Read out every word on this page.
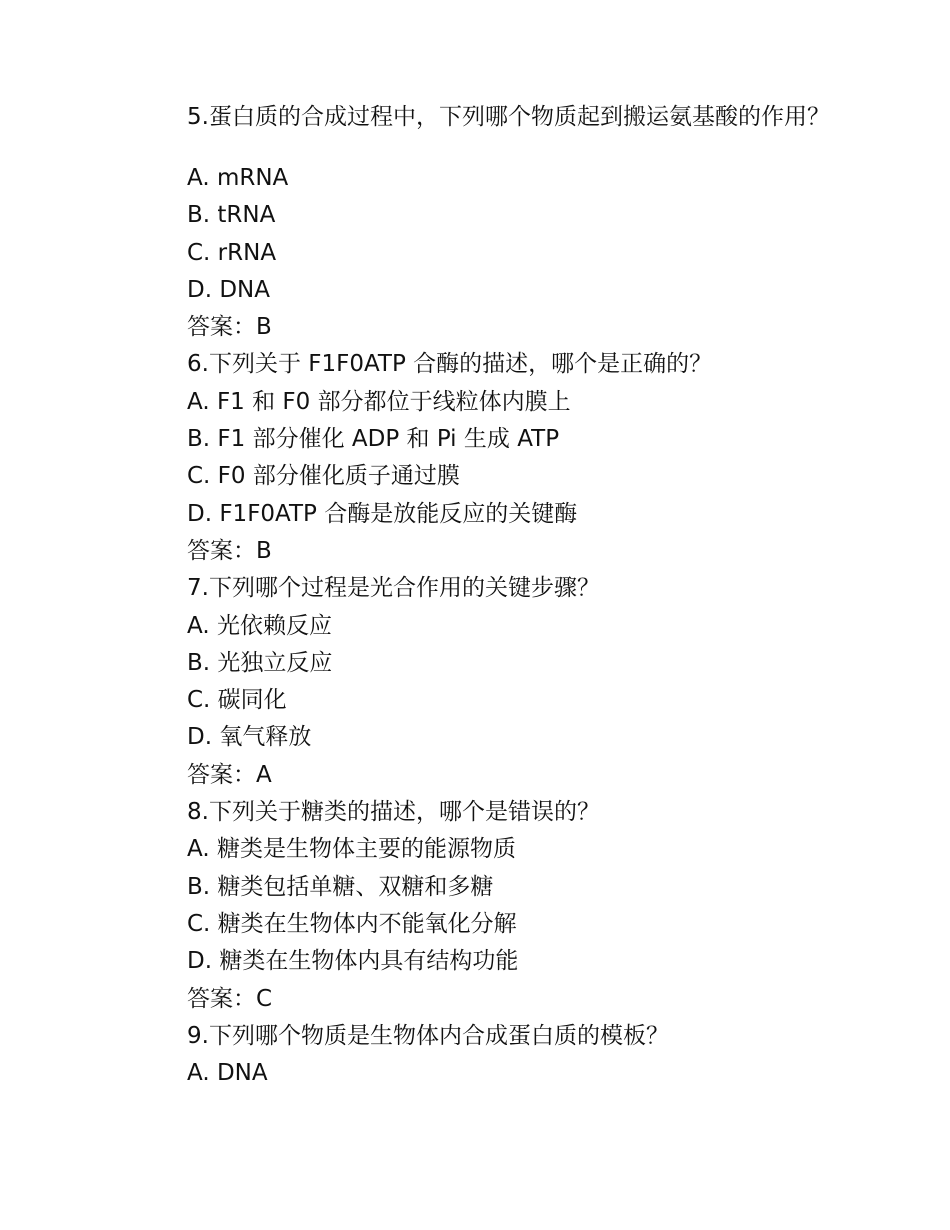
5.蛋白质的合成过程中，下列哪个物质起到搬运氨基酸的作用？
A. mRNA
B. tRNA
C. rRNA
D. DNA
答案：B
6.下列关于 F1F0ATP 合酶的描述，哪个是正确的？
A. F1 和 F0 部分都位于线粒体内膜上
B. F1 部分催化 ADP 和 Pi 生成 ATP
C. F0 部分催化质子通过膜
D. F1F0ATP 合酶是放能反应的关键酶
答案：B
7.下列哪个过程是光合作用的关键步骤？
A. 光依赖反应
B. 光独立反应
C. 碳同化
D. 氧气释放
答案：A
8.下列关于糖类的描述，哪个是错误的？
A. 糖类是生物体主要的能源物质
B. 糖类包括单糖、双糖和多糖
C. 糖类在生物体内不能氧化分解
D. 糖类在生物体内具有结构功能
答案：C
9.下列哪个物质是生物体内合成蛋白质的模板？
A. DNA
